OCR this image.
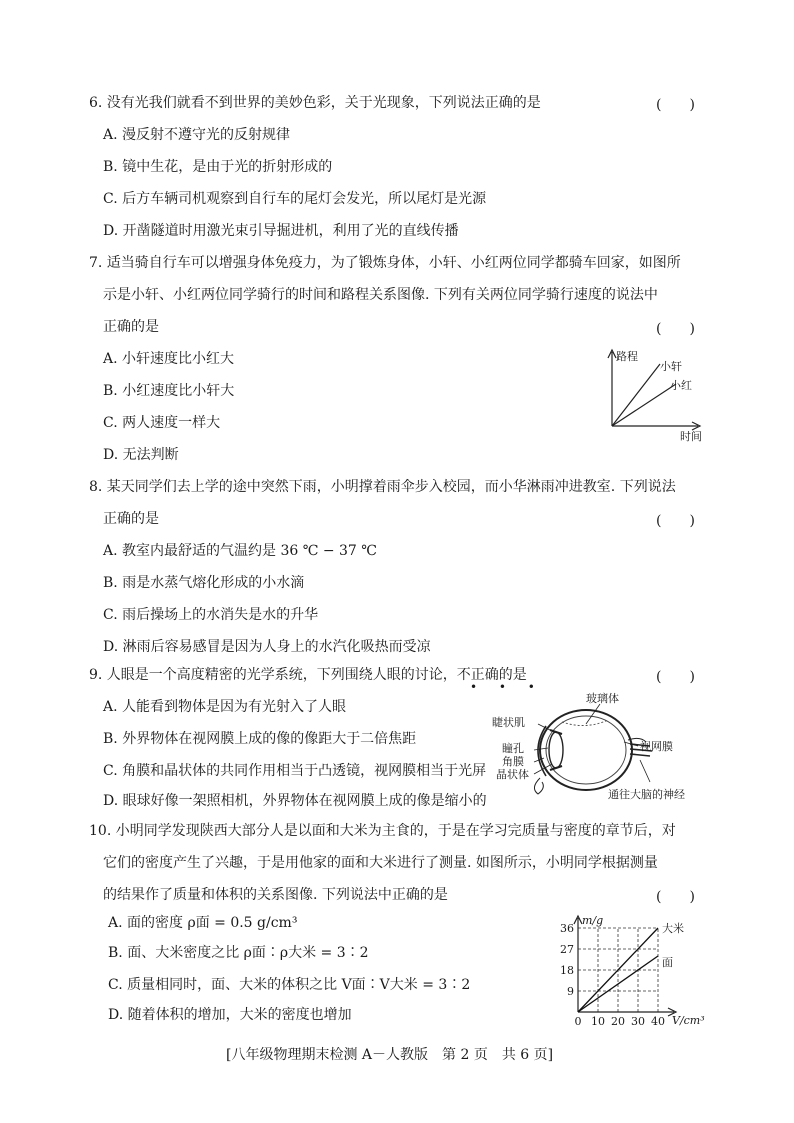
6. 没有光我们就看不到世界的美妙色彩，关于光现象，下列说法正确的是	(　　)
A. 漫反射不遵守光的反射规律
B. 镜中生花，是由于光的折射形成的
C. 后方车辆司机观察到自行车的尾灯会发光，所以尾灯是光源
D. 开凿隧道时用激光束引导掘进机，利用了光的直线传播
7. 适当骑自行车可以增强身体免疫力，为了锻炼身体，小轩、小红两位同学都骑车回家，如图所
示是小轩、小红两位同学骑行的时间和路程关系图像. 下列有关两位同学骑行速度的说法中
正确的是	(　　)
A. 小轩速度比小红大
B. 小红速度比小轩大
C. 两人速度一样大
D. 无法判断
路程
时间
小轩
小红
8. 某天同学们去上学的途中突然下雨，小明撑着雨伞步入校园，而小华淋雨冲进教室. 下列说法
正确的是	(　　)
A. 教室内最舒适的气温约是 36 ℃ − 37 ℃
B. 雨是水蒸气熔化形成的小水滴
C. 雨后操场上的水消失是水的升华
D. 淋雨后容易感冒是因为人身上的水汽化吸热而受凉
9. 人眼是一个高度精密的光学系统，下列围绕人眼的讨论，不正确的是
• • •
(　　)
A. 人能看到物体是因为有光射入了人眼
B. 外界物体在视网膜上成的像的像距大于二倍焦距
C. 角膜和晶状体的共同作用相当于凸透镜，视网膜相当于光屏
D. 眼球好像一架照相机，外界物体在视网膜上成的像是缩小的
玻璃体
睫状肌
瞳孔
角膜
晶状体
视网膜
通往大脑的神经
10. 小明同学发现陕西大部分人是以面和大米为主食的，于是在学习完质量与密度的章节后，对
它们的密度产生了兴趣，于是用他家的面和大米进行了测量. 如图所示，小明同学根据测量
的结果作了质量和体积的关系图像. 下列说法中正确的是	(　　)
A. 面的密度 ρ面 = 0.5 g/cm³
B. 面、大米密度之比 ρ面∶ρ大米 = 3∶2
C. 质量相同时，面、大米的体积之比 V面∶V大米 = 3∶2
D. 随着体积的增加，大米的密度也增加
大米
面
9
18
27
36
0 10 20 30 40
m/g
V/cm³
[八年级物理期末检测 A－人教版　第 2 页　共 6 页]
